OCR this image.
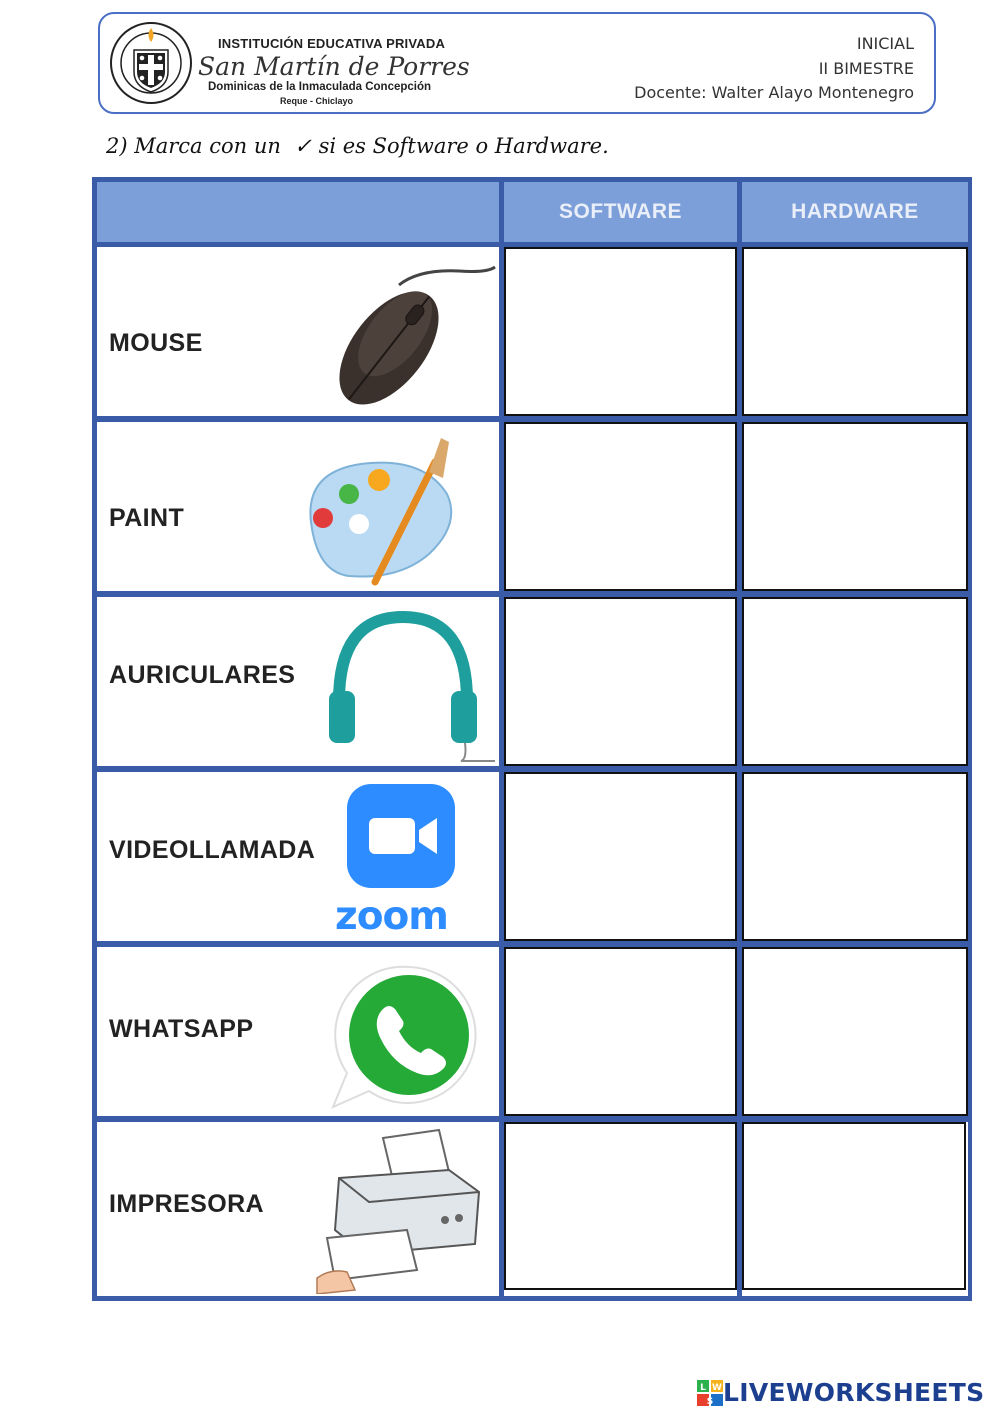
INSTITUCIÓN EDUCATIVA PRIVADA
San Martín de Porres
Dominicas de la Inmaculada Concepción
Reque - Chiclayo
INICIAL
II BIMESTRE
Docente: Walter Alayo Montenegro
2) Marca con un ✓ si es Software o Hardware.
SOFTWARE	HARDWARE
MOUSE
PAINT
AURICULARES
VIDEOLLAMADA
zoom
WHATSAPP
IMPRESORA
L W
S LIVEWORKSHEETS
